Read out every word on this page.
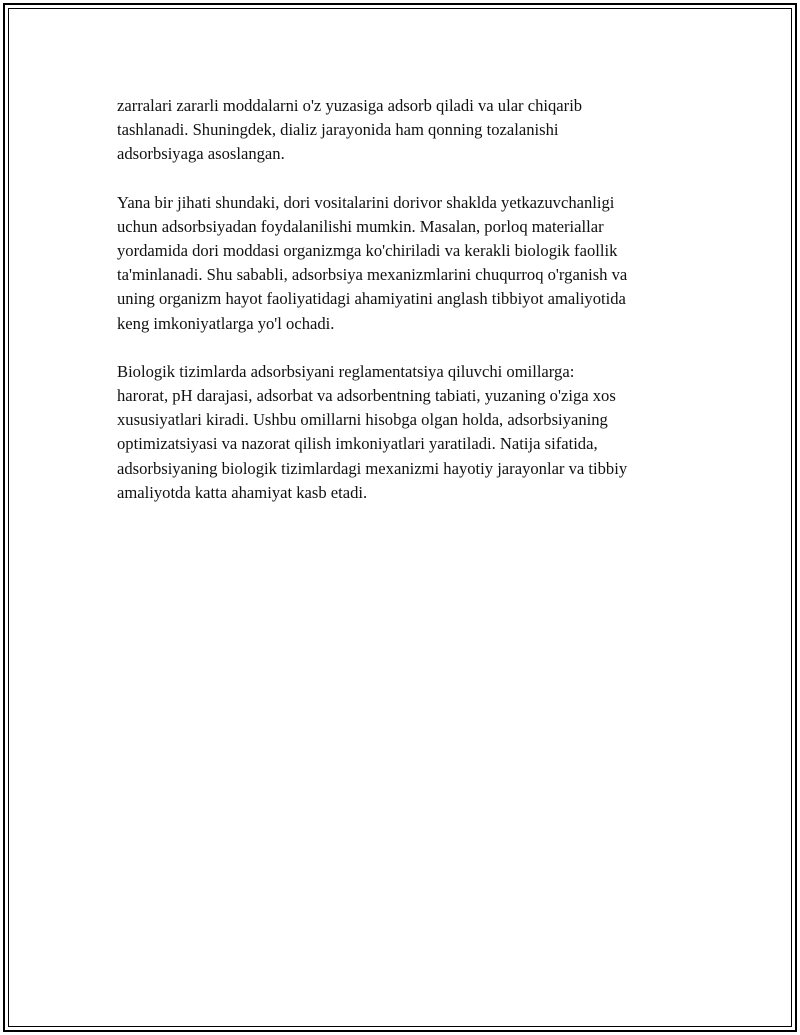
zarralari zararli moddalarni o'z yuzasiga adsorb qiladi va ular chiqarib
tashlanadi. Shuningdek, dializ jarayonida ham qonning tozalanishi
adsorbsiyaga asoslangan.

Yana bir jihati shundaki, dori vositalarini dorivor shaklda yetkazuvchanligi
uchun adsorbsiyadan foydalanilishi mumkin. Masalan, porloq materiallar
yordamida dori moddasi organizmga ko'chiriladi va kerakli biologik faollik
ta'minlanadi. Shu sababli, adsorbsiya mexanizmlarini chuqurroq o'rganish va
uning organizm hayot faoliyatidagi ahamiyatini anglash tibbiyot amaliyotida
keng imkoniyatlarga yo'l ochadi.

Biologik tizimlarda adsorbsiyani reglamentatsiya qiluvchi omillarga:
harorat, pH darajasi, adsorbat va adsorbentning tabiati, yuzaning o'ziga xos
xususiyatlari kiradi. Ushbu omillarni hisobga olgan holda, adsorbsiyaning
optimizatsiyasi va nazorat qilish imkoniyatlari yaratiladi. Natija sifatida,
adsorbsiyaning biologik tizimlardagi mexanizmi hayotiy jarayonlar va tibbiy
amaliyotda katta ahamiyat kasb etadi.
